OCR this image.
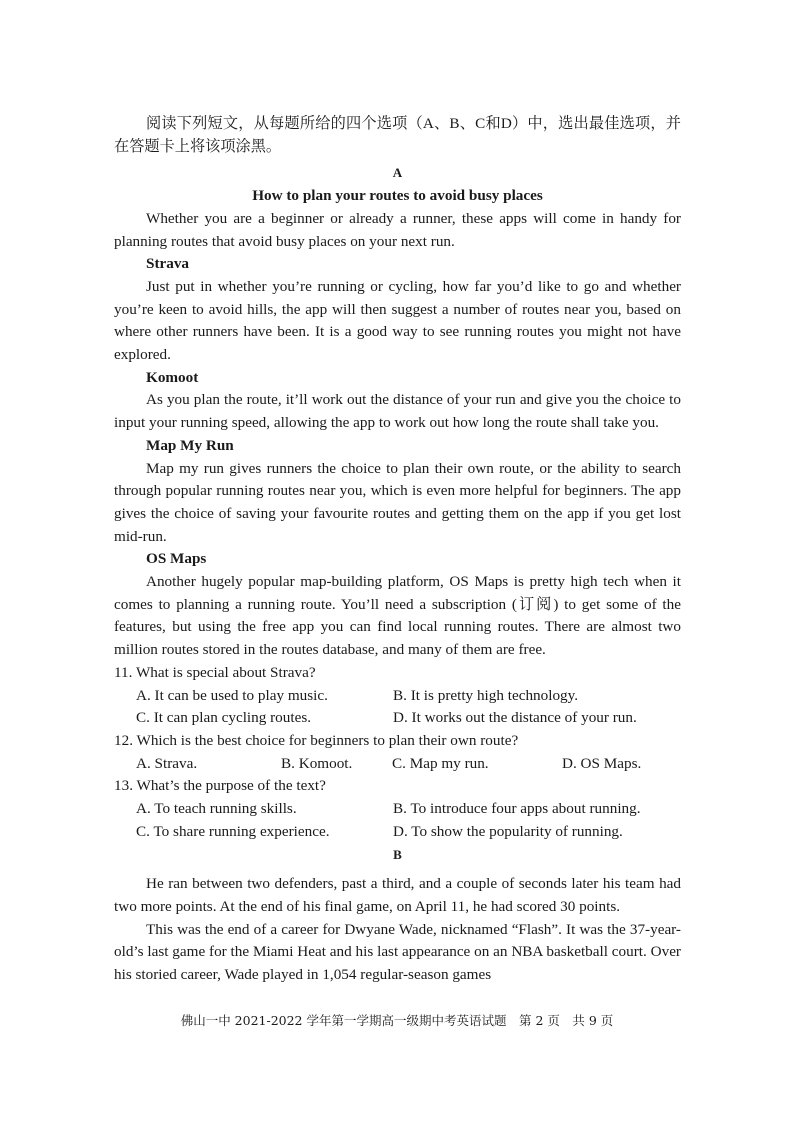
阅读下列短文，从每题所给的四个选项（A、B、C和D）中，选出最佳选项，并在答题卡上将该项涂黑。

A

How to plan your routes to avoid busy places

Whether you are a beginner or already a runner, these apps will come in handy for planning routes that avoid busy places on your next run.

Strava

Just put in whether you’re running or cycling, how far you’d like to go and whether you’re keen to avoid hills, the app will then suggest a number of routes near you, based on where other runners have been. It is a good way to see running routes you might not have explored.

Komoot

As you plan the route, it’ll work out the distance of your run and give you the choice to input your running speed, allowing the app to work out how long the route shall take you.

Map My Run

Map my run gives runners the choice to plan their own route, or the ability to search through popular running routes near you, which is even more helpful for beginners. The app gives the choice of saving your favourite routes and getting them on the app if you get lost mid-run.

OS Maps

Another hugely popular map-building platform, OS Maps is pretty high tech when it comes to planning a running route. You’ll need a subscription (订阅) to get some of the features, but using the free app you can find local running routes. There are almost two million routes stored in the routes database, and many of them are free.

11. What is special about Strava?

A. It can be used to play music.	B. It is pretty high technology.
C. It can plan cycling routes.	D. It works out the distance of your run.

12. Which is the best choice for beginners to plan their own route?

A. Strava.	B. Komoot.	C. Map my run.	D. OS Maps.

13. What’s the purpose of the text?

A. To teach running skills.	B. To introduce four apps about running.
C. To share running experience.	D. To show the popularity of running.

B

He ran between two defenders, past a third, and a couple of seconds later his team had two more points. At the end of his final game, on April 11, he had scored 30 points.

This was the end of a career for Dwyane Wade, nicknamed “Flash”. It was the 37-year-old’s last game for the Miami Heat and his last appearance on an NBA basketball court. Over his storied career, Wade played in 1,054 regular-season games

佛山一中 2021-2022 学年第一学期高一级期中考英语试题　第 2 页　共 9 页
